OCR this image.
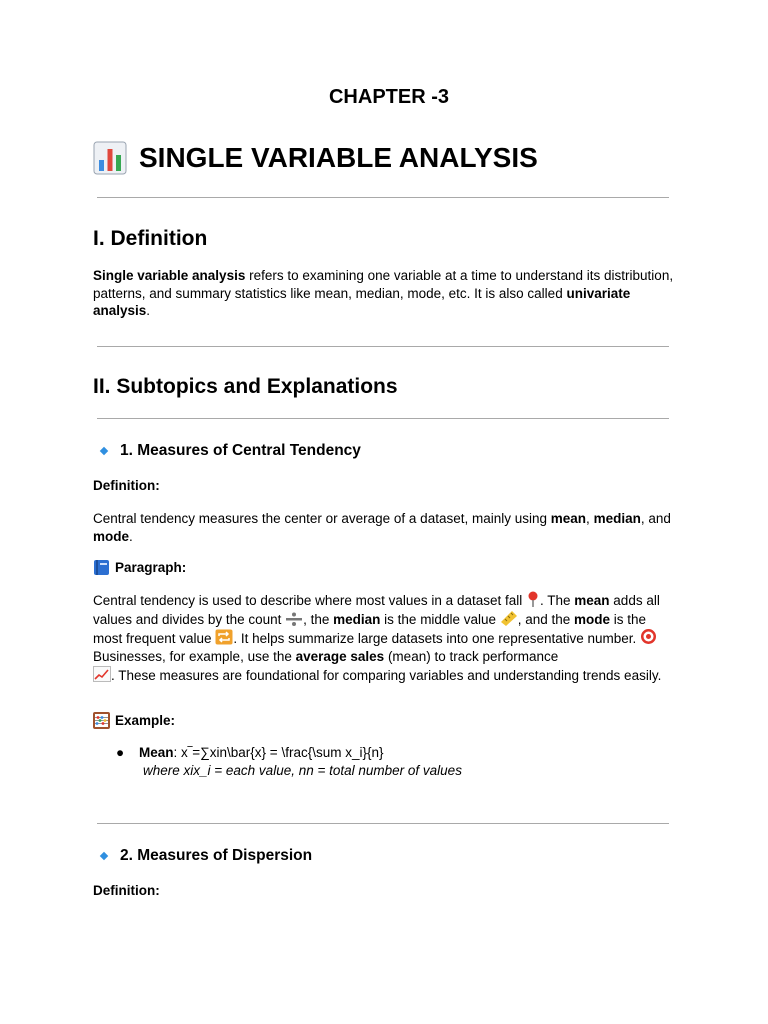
CHAPTER -3
SINGLE VARIABLE ANALYSIS
I. Definition
Single variable analysis refers to examining one variable at a time to understand its distribution, patterns, and summary statistics like mean, median, mode, etc. It is also called univariate analysis.
II. Subtopics and Explanations
1. Measures of Central Tendency
Definition:
Central tendency measures the center or average of a dataset, mainly using mean, median, and mode.
Paragraph:
Central tendency is used to describe where most values in a dataset fall . The mean adds all values and divides by the count , the median is the middle value , and the mode is the most frequent value . It helps summarize large datasets into one representative number.  Businesses, for example, use the average sales (mean) to track performance
. These measures are foundational for comparing variables and understanding trends easily.
Example:
● Mean: x‾=∑xin\bar{x} = \frac{\sum x_i}{n}
where xix_i = each value, nn = total number of values
2. Measures of Dispersion
Definition:
